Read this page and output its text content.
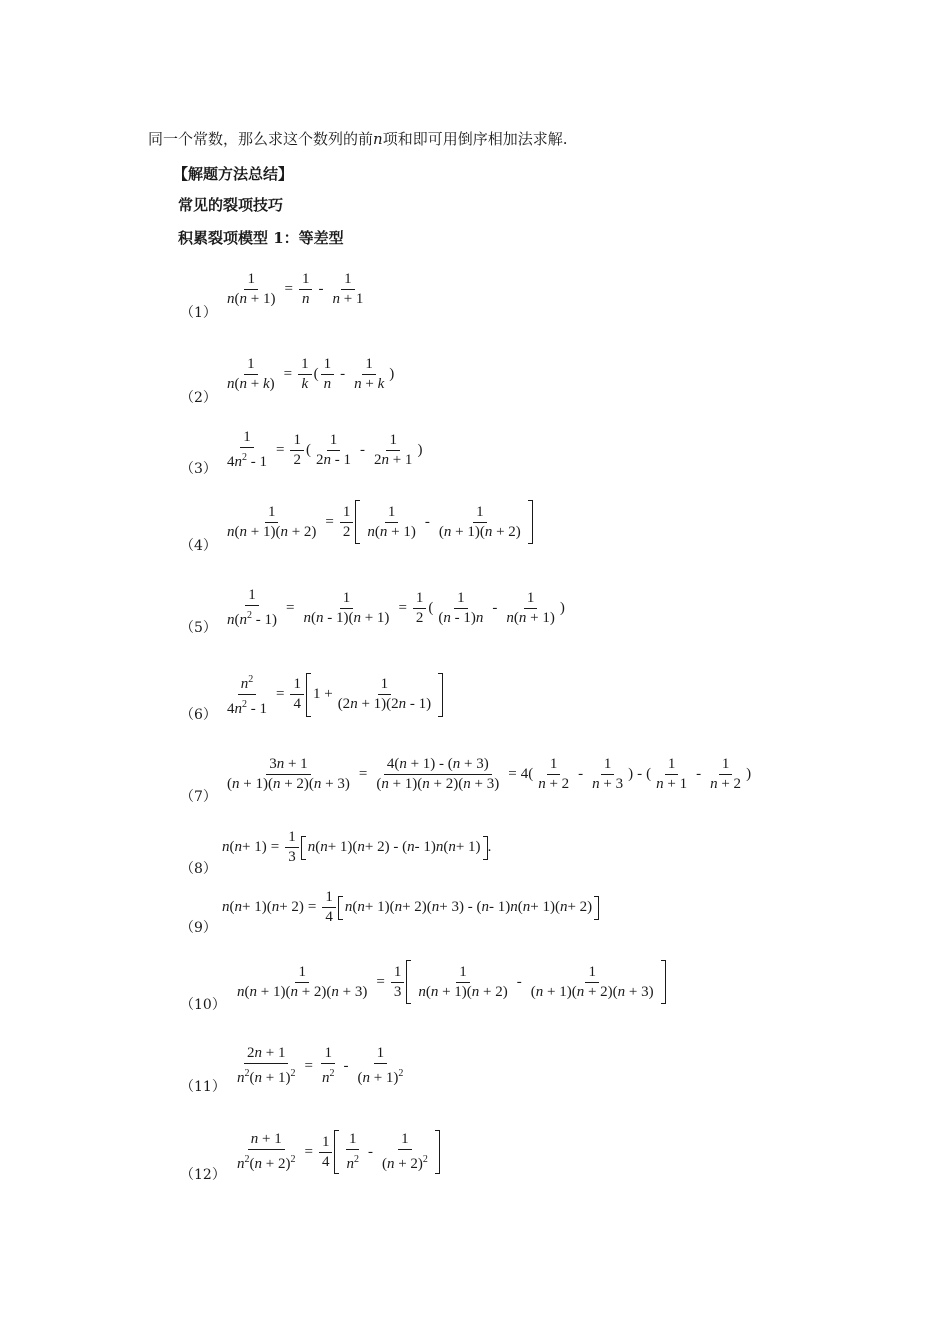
同一个常数，那么求这个数列的前n项和即可用倒序相加法求解.
【解题方法总结】
常见的裂项技巧
积累裂项模型 1：等差型
（1）
$\frac{1}{n(n + 1)} = \frac{1}{n}$ -
1
n + 1
（2）
$\frac{1}{n(n + k)} = \frac{1}{k}$ (
1
n
-
1
n + k
)
$(3) \frac{1}{4n^2 - 1} = \frac{1}{2}$ (
1
2n - 1
-
1
2n + 1
)
（4）
$\frac{1}{n(n + 1)(n + 2)} = \frac{1}{2} 1$
n(n + 1)
-
1
(n + 1)(n + 2)
$(5) \frac{1}{n(n^2 - 1)} = \frac{1}{n(n - 1)(n + 1)} = \frac{1}{2}$ (
1
(n - 1)n
-
1
n(n + 1)
)
$(6) \frac{n^2}{4n^2 - 1} = \frac{1}{4} 1$ +
1
(2n + 1)(2n - 1)
（7）
$\frac{3n + 1}{(n + 1)(n + 2)(n + 3)} = \frac{4(n + 1) - (n + 3)}{(n + 1)(n + 2)(n + 3)} = 4( \frac{1}{n + 2}$ -
1
n + 3
) - (
1
n + 1
-
1
n + 2
)
（8）
n ( $n + 1) = \frac{1}{3}$ n ( n + 1)( n + 2) - ( n - 1) n ( n + 1) .
（9）
n ( n + 1)( $n + 2) = \frac{1}{4}$ n ( n + 1)( n + 2)( n + 3) - ( n - 1) n ( n + 1)( n + 2)
（10）
$\frac{1}{n(n + 1)(n + 2)(n + 3)} = \frac{1}{3}$	1
n(n + 1)(n + 2)
-
1
(n + 1)(n + 2)(n + 3)
$(11) \frac{2n + 1}{n^2(n + 1)^2} = \frac{1}{n^2}$ -
1
$(n + 1)^2$
（12）
$\frac{n + 1}{n^2(n + 2)^2} = \frac{1}{4} 1$
$n^2$ -
1
$(n + 2)^2$
